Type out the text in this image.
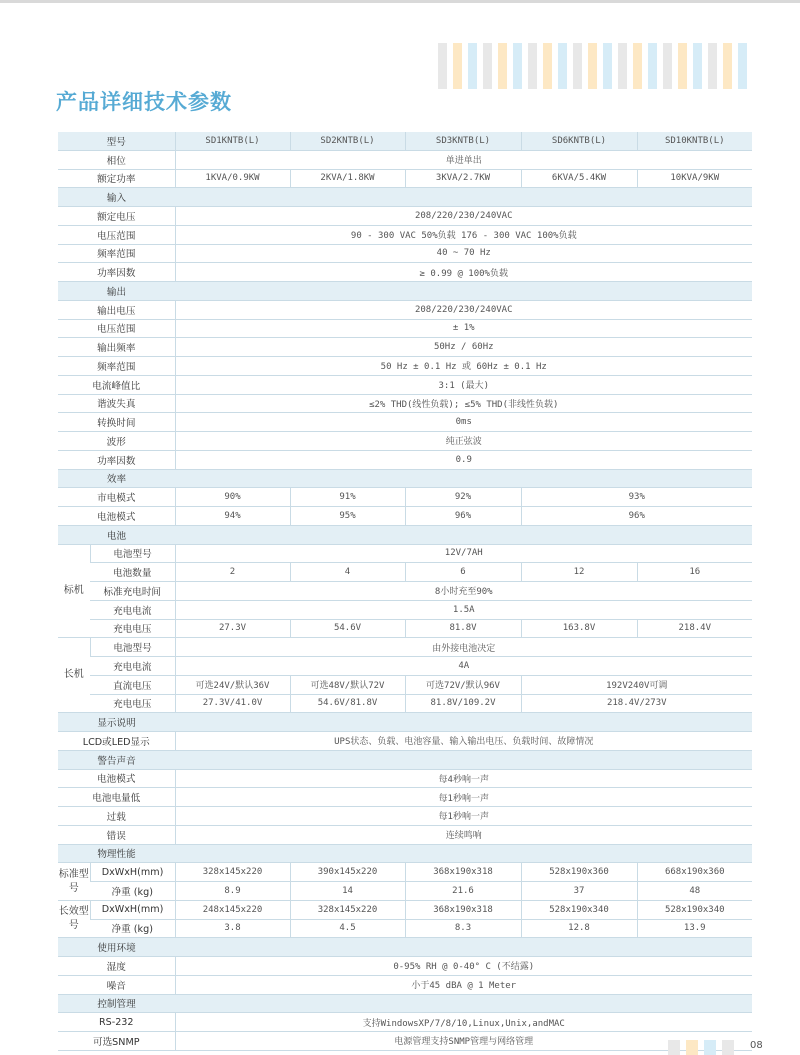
产品详细技术参数
型号		SD1KNTB(L)	SD2KNTB(L)	SD3KNTB(L)	SD6KNTB(L)	SD10KNTB(L)
相位		单进单出				
额定功率		1KVA/0.9KW	2KVA/1.8KW	3KVA/2.7KW	6KVA/5.4KW	10KVA/9KW
输入						
额定电压		208/220/230/240VAC				
电压范围		90 - 300 VAC 50%负载 176 - 300 VAC 100%负载				
频率范围		40 ~ 70 Hz				
功率因数		≥ 0.99 @ 100%负载				
输出						
输出电压		208/220/230/240VAC				
电压范围		± 1%				
输出频率		50Hz / 60Hz				
频率范围		50 Hz ± 0.1 Hz 或 60Hz ± 0.1 Hz				
电流峰值比		3:1 (最大)				
谐波失真		≤2% THD(线性负载); ≤5% THD(非线性负载)				
转换时间		0ms				
波形		纯正弦波				
功率因数		0.9				
效率						
市电模式		90%	91%	92%	93%	
电池模式		94%	95%	96%	96%	
电池						
标机	电池型号	12V/7AH				
	电池数量	2	4	6	12	16
	标准充电时间	8小时充至90%				
	充电电流	1.5A				
	充电电压	27.3V	54.6V	81.8V	163.8V	218.4V
长机	电池型号	由外接电池决定				
	充电电流	4A				
	直流电压	可选24V/默认36V	可选48V/默认72V	可选72V/默认96V	192V240V可调	
	充电电压	27.3V/41.0V	54.6V/81.8V	81.8V/109.2V	218.4V/273V	
显示说明						
LCD或LED显示		UPS状态、负载、电池容量、输入输出电压、负载时间、故障情况				
警告声音						
电池模式		每4秒响一声				
电池电量低		每1秒响一声				
过载		每1秒响一声				
错误		连续鸣响				
物理性能						
标准型号	DxWxH(mm)	328x145x220	390x145x220	368x190x318	528x190x360	668x190x360
	净重 (kg)	8.9	14	21.6	37	48
长效型号	DxWxH(mm)	248x145x220	328x145x220	368x190x318	528x190x340	528x190x340
	净重 (kg)	3.8	4.5	8.3	12.8	13.9
使用环境						
湿度		0-95% RH @ 0-40° C (不结露)				
噪音		小于45 dBA @ 1 Meter				
控制管理						
RS-232		支持WindowsXP/7/8/10,Linux,Unix,andMAC				
可选SNMP		电源管理支持SNMP管理与网络管理					08
